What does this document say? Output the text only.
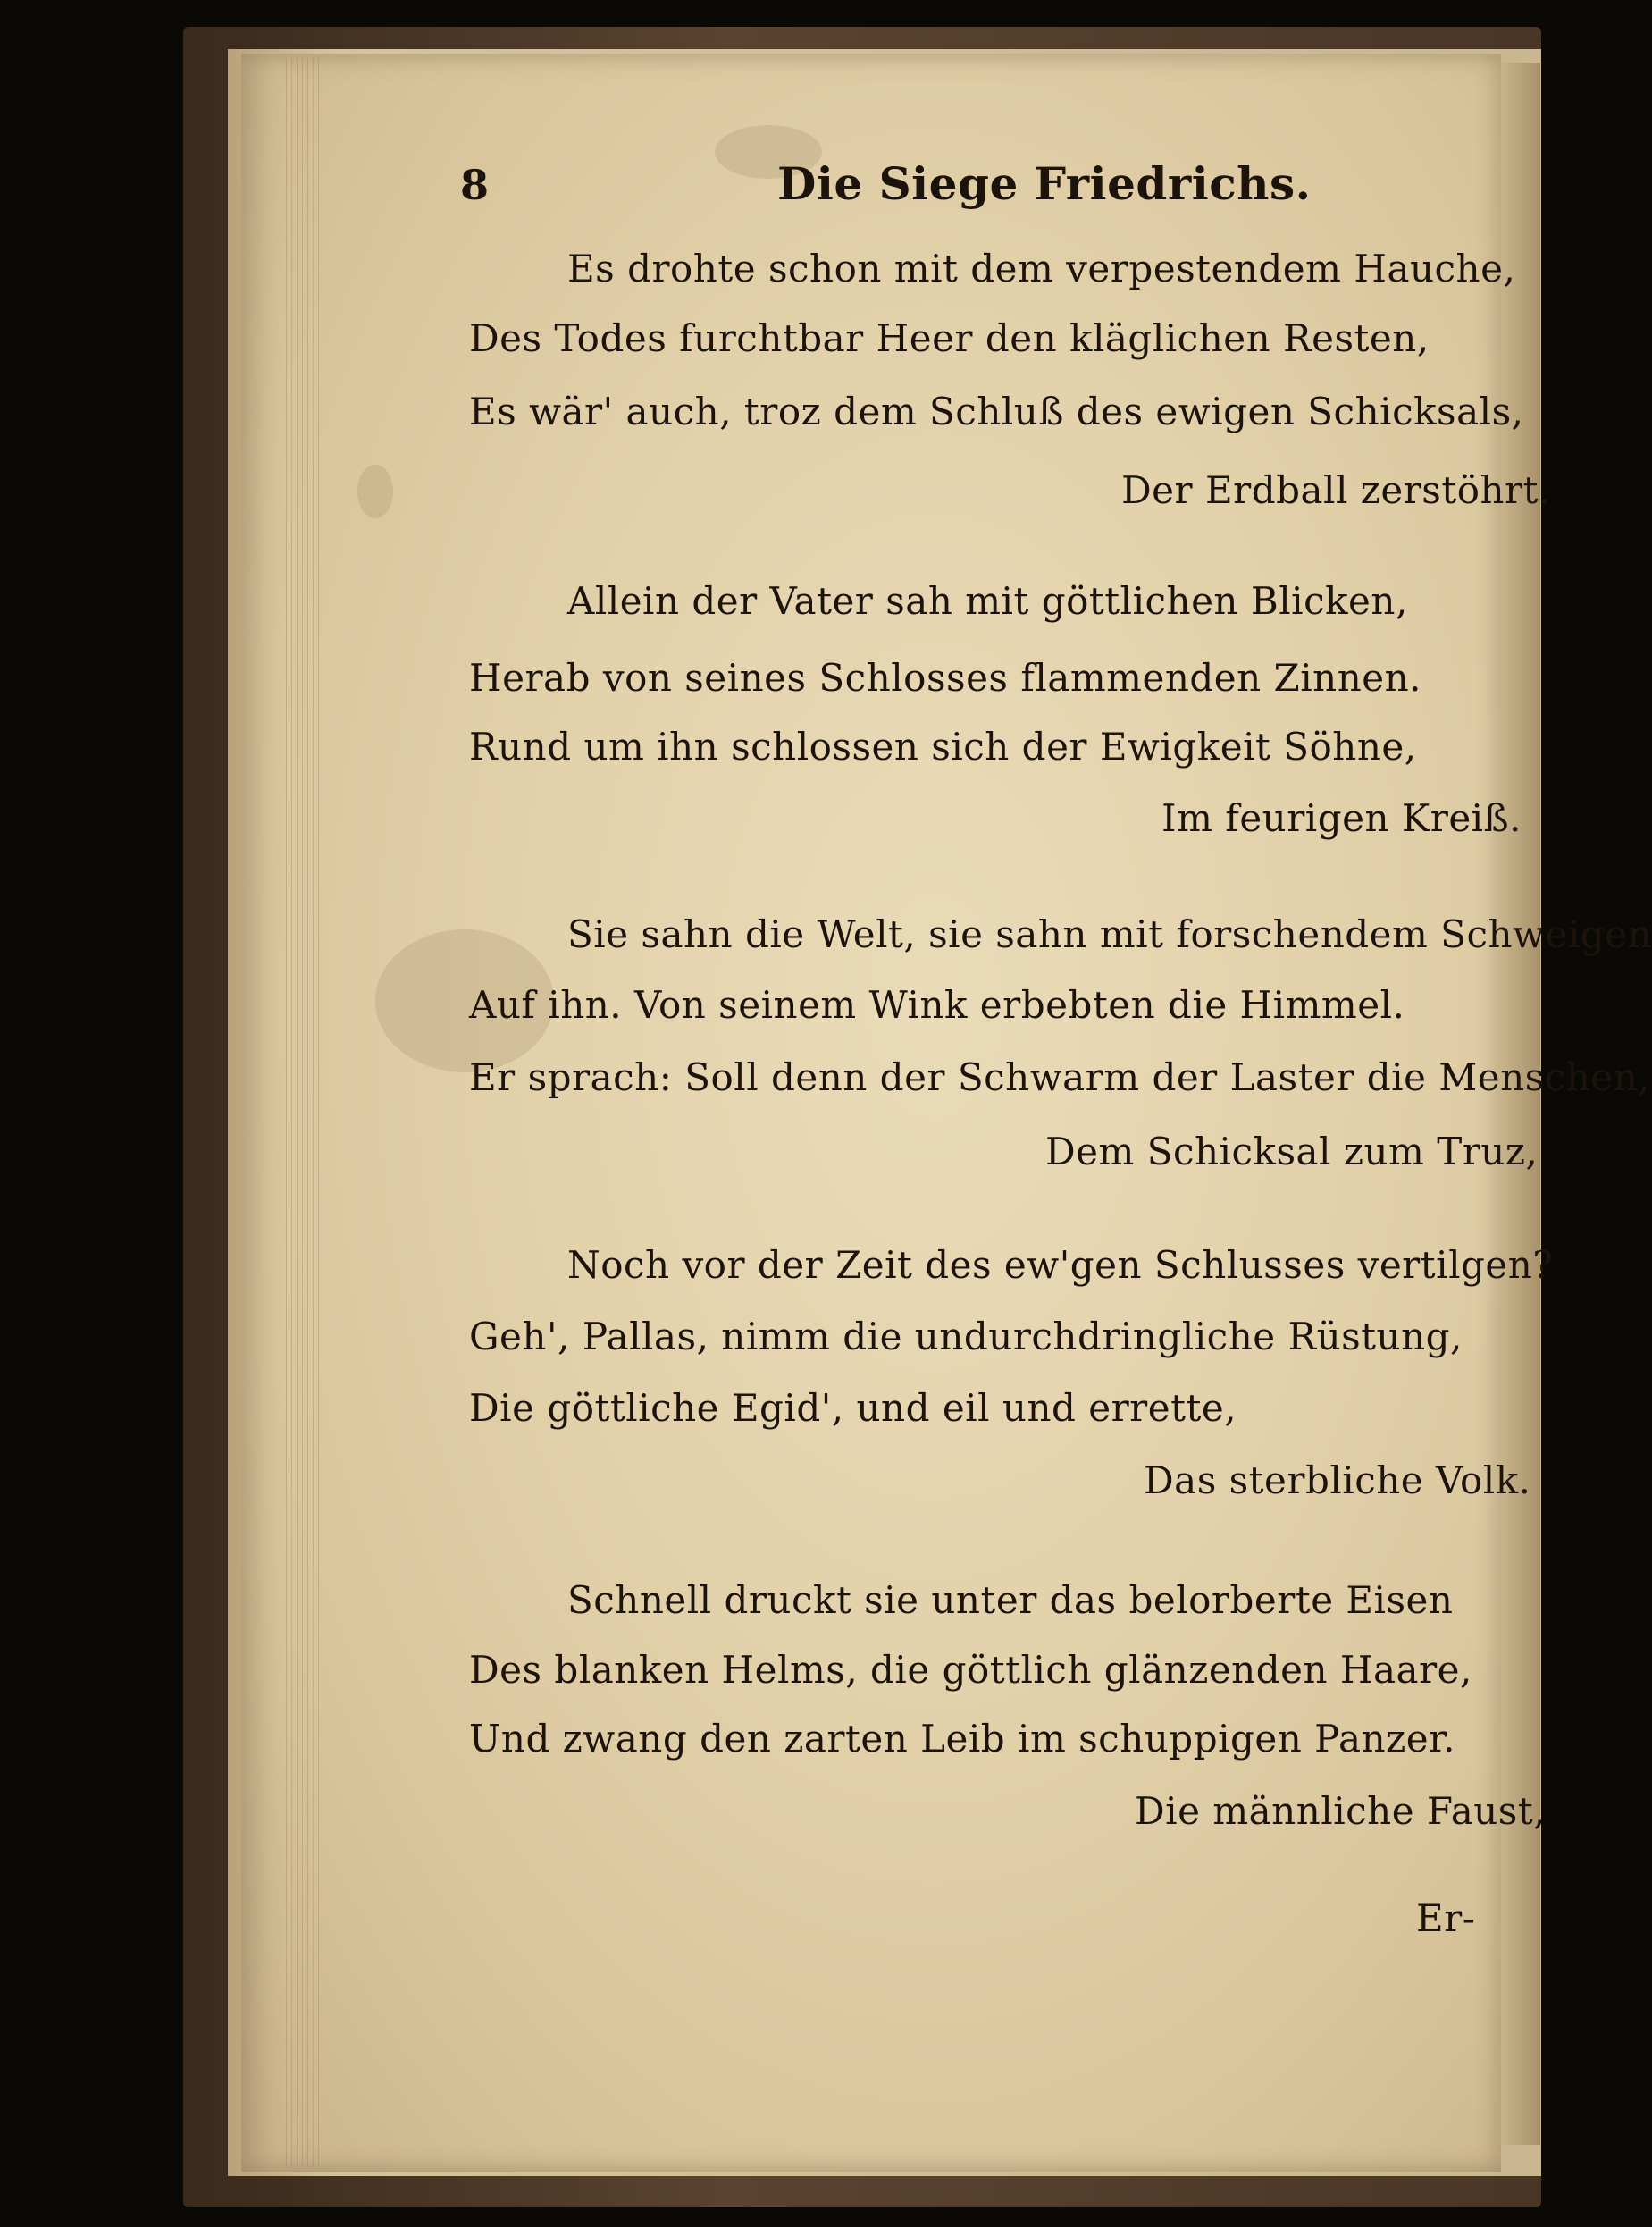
8	Die Siege Friedrichs.
Es drohte schon mit dem verpestendem Hauche,
Des Todes furchtbar Heer den kläglichen Resten,
Es wär' auch, troz dem Schluß des ewigen Schicksals,
Der Erdball zerstöhrt.
Allein der Vater sah mit göttlichen Blicken,
Herab von seines Schlosses flammenden Zinnen.
Rund um ihn schlossen sich der Ewigkeit Söhne,
Im feurigen Kreiß.
Sie sahn die Welt, sie sahn mit forschendem Schweigen
Auf ihn. Von seinem Wink erbebten die Himmel.
Er sprach: Soll denn der Schwarm der Laster die Menschen,
Dem Schicksal zum Truz,
Noch vor der Zeit des ew'gen Schlusses vertilgen?
Geh', Pallas, nimm die undurchdringliche Rüstung,
Die göttliche Egid', und eil und errette,
Das sterbliche Volk.
Schnell druckt sie unter das belorberte Eisen
Des blanken Helms, die göttlich glänzenden Haare,
Und zwang den zarten Leib im schuppigen Panzer.
Die männliche Faust,
Er-
